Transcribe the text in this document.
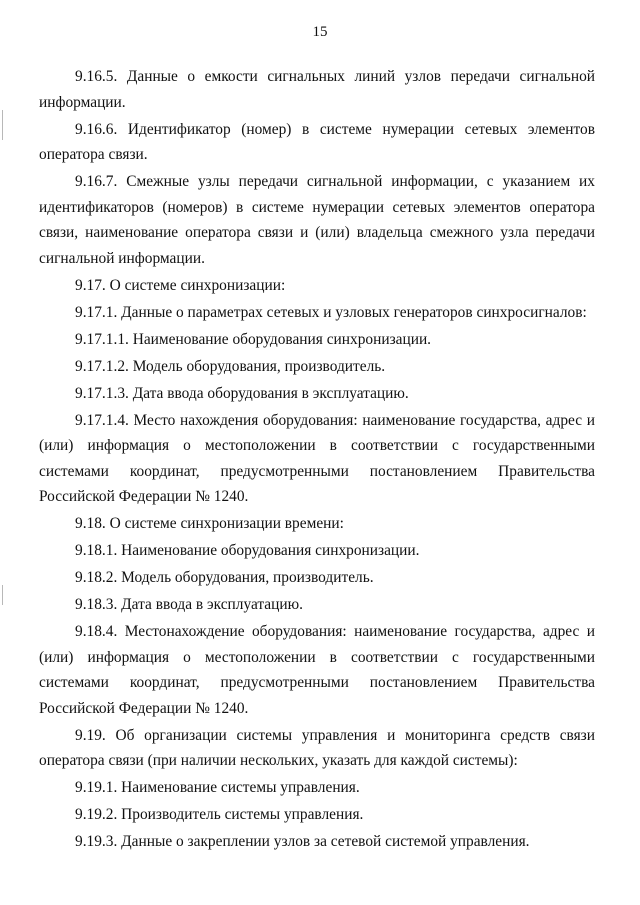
15

9.16.5. Данные о емкости сигнальных линий узлов передачи сигнальной информации.

9.16.6. Идентификатор (номер) в системе нумерации сетевых элементов оператора связи.

9.16.7. Смежные узлы передачи сигнальной информации, с указанием их идентификаторов (номеров) в системе нумерации сетевых элементов оператора связи, наименование оператора связи и (или) владельца смежного узла передачи сигнальной информации.

9.17. О системе синхронизации:

9.17.1. Данные о параметрах сетевых и узловых генераторов синхросигналов:

9.17.1.1. Наименование оборудования синхронизации.

9.17.1.2. Модель оборудования, производитель.

9.17.1.3. Дата ввода оборудования в эксплуатацию.

9.17.1.4. Место нахождения оборудования: наименование государства, адрес и (или) информация о местоположении в соответствии с государственными системами координат, предусмотренными постановлением Правительства Российской Федерации № 1240.

9.18. О системе синхронизации времени:

9.18.1. Наименование оборудования синхронизации.

9.18.2. Модель оборудования, производитель.

9.18.3. Дата ввода в эксплуатацию.

9.18.4. Местонахождение оборудования: наименование государства, адрес и (или) информация о местоположении в соответствии с государственными системами координат, предусмотренными постановлением Правительства Российской Федерации № 1240.

9.19. Об организации системы управления и мониторинга средств связи оператора связи (при наличии нескольких, указать для каждой системы):

9.19.1. Наименование системы управления.

9.19.2. Производитель системы управления.

9.19.3. Данные о закреплении узлов за сетевой системой управления.
